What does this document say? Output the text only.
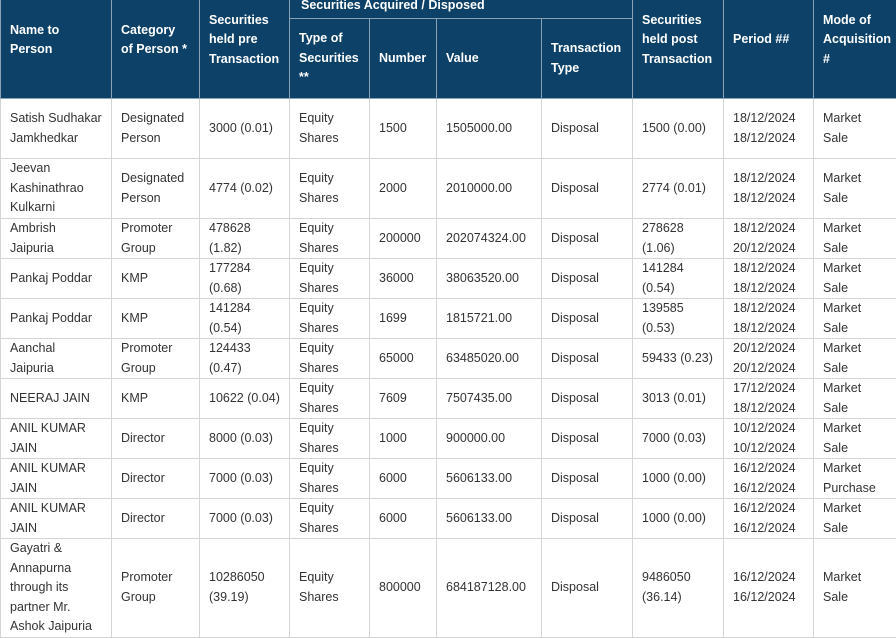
Name to Person	Category of Person *	Securities held pre Transaction	Securities Acquired / Disposed				Securities held post Transaction	Period ##	Mode of Acquisition #
			Type of Securities **	Number	Value	Transaction Type			
Satish Sudhakar Jamkhedkar	Designated Person	3000 (0.01)	Equity Shares	1500	1505000.00	Disposal	1500 (0.00)	18/12/2024 18/12/2024	Market Sale
Jeevan Kashinathrao Kulkarni	Designated Person	4774 (0.02)	Equity Shares	2000	2010000.00	Disposal	2774 (0.01)	18/12/2024 18/12/2024	Market Sale
Ambrish Jaipuria	Promoter Group	478628 (1.82)	Equity Shares	200000	202074324.00	Disposal	278628 (1.06)	18/12/2024 20/12/2024	Market Sale
Pankaj Poddar	KMP	177284 (0.68)	Equity Shares	36000	38063520.00	Disposal	141284 (0.54)	18/12/2024 18/12/2024	Market Sale
Pankaj Poddar	KMP	141284 (0.54)	Equity Shares	1699	1815721.00	Disposal	139585 (0.53)	18/12/2024 18/12/2024	Market Sale
Aanchal Jaipuria	Promoter Group	124433 (0.47)	Equity Shares	65000	63485020.00	Disposal	59433 (0.23)	20/12/2024 20/12/2024	Market Sale
NEERAJ JAIN	KMP	10622 (0.04)	Equity Shares	7609	7507435.00	Disposal	3013 (0.01)	17/12/2024 18/12/2024	Market Sale
ANIL KUMAR JAIN	Director	8000 (0.03)	Equity Shares	1000	900000.00	Disposal	7000 (0.03)	10/12/2024 10/12/2024	Market Sale
ANIL KUMAR JAIN	Director	7000 (0.03)	Equity Shares	6000	5606133.00	Disposal	1000 (0.00)	16/12/2024 16/12/2024	Market Purchase
ANIL KUMAR JAIN	Director	7000 (0.03)	Equity Shares	6000	5606133.00	Disposal	1000 (0.00)	16/12/2024 16/12/2024	Market Sale
Gayatri & Annapurna through its partner Mr. Ashok Jaipuria	Promoter Group	10286050 (39.19)	Equity Shares	800000	684187128.00	Disposal	9486050 (36.14)	16/12/2024 16/12/2024	Market Sale
